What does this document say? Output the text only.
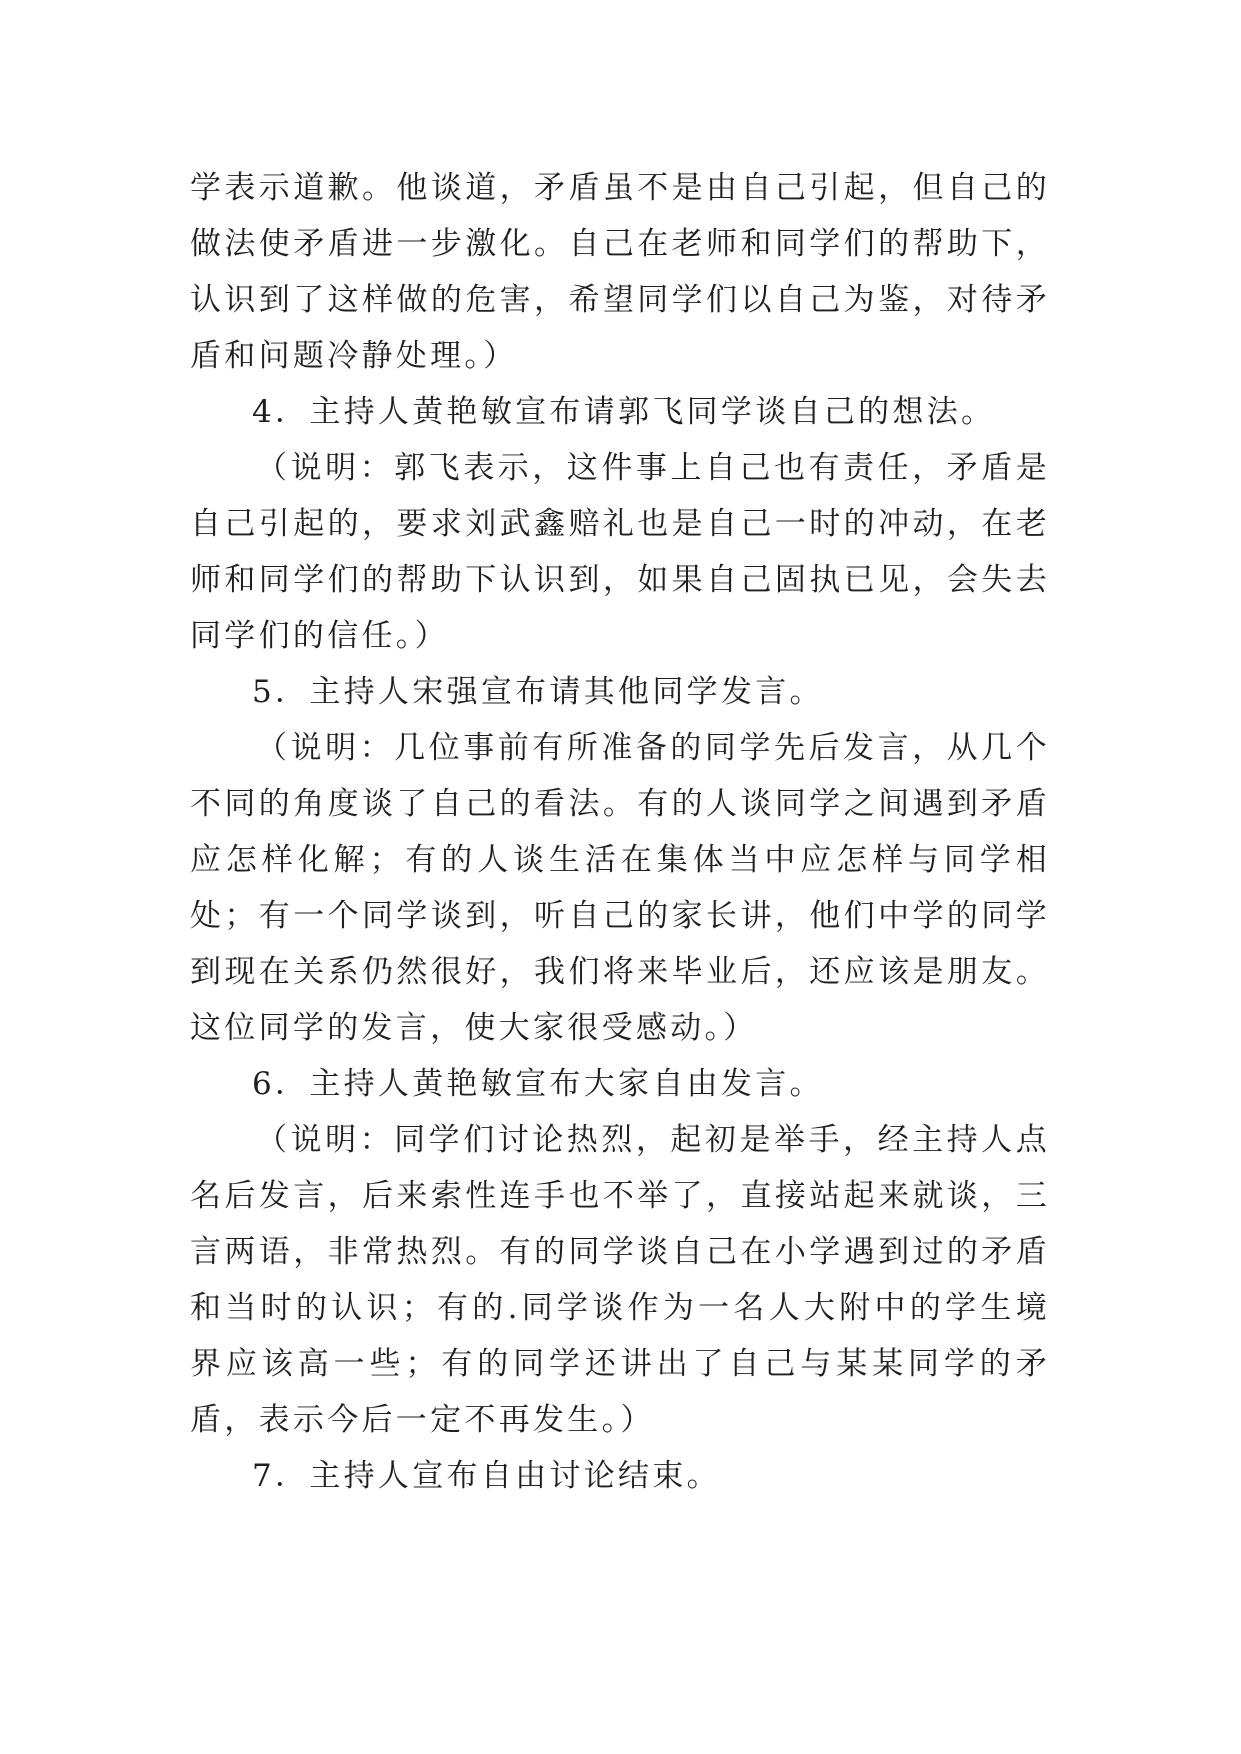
学表示道歉。他谈道，矛盾虽不是由自己引起，但自己的做法使矛盾进一步激化。自己在老师和同学们的帮助下，认识到了这样做的危害，希望同学们以自己为鉴，对待矛盾和问题冷静处理。）

4．主持人黄艳敏宣布请郭飞同学谈自己的想法。

（说明：郭飞表示，这件事上自己也有责任，矛盾是自己引起的，要求刘武鑫赔礼也是自己一时的冲动，在老师和同学们的帮助下认识到，如果自己固执已见，会失去同学们的信任。）

5．主持人宋强宣布请其他同学发言。

（说明：几位事前有所准备的同学先后发言，从几个不同的角度谈了自己的看法。有的人谈同学之间遇到矛盾应怎样化解；有的人谈生活在集体当中应怎样与同学相处；有一个同学谈到，听自己的家长讲，他们中学的同学到现在关系仍然很好，我们将来毕业后，还应该是朋友。这位同学的发言，使大家很受感动。）

6．主持人黄艳敏宣布大家自由发言。

（说明：同学们讨论热烈，起初是举手，经主持人点名后发言，后来索性连手也不举了，直接站起来就谈，三言两语，非常热烈。有的同学谈自己在小学遇到过的矛盾和当时的认识；有的.同学谈作为一名人大附中的学生境界应该高一些；有的同学还讲出了自己与某某同学的矛盾，表示今后一定不再发生。）

7．主持人宣布自由讨论结束。
